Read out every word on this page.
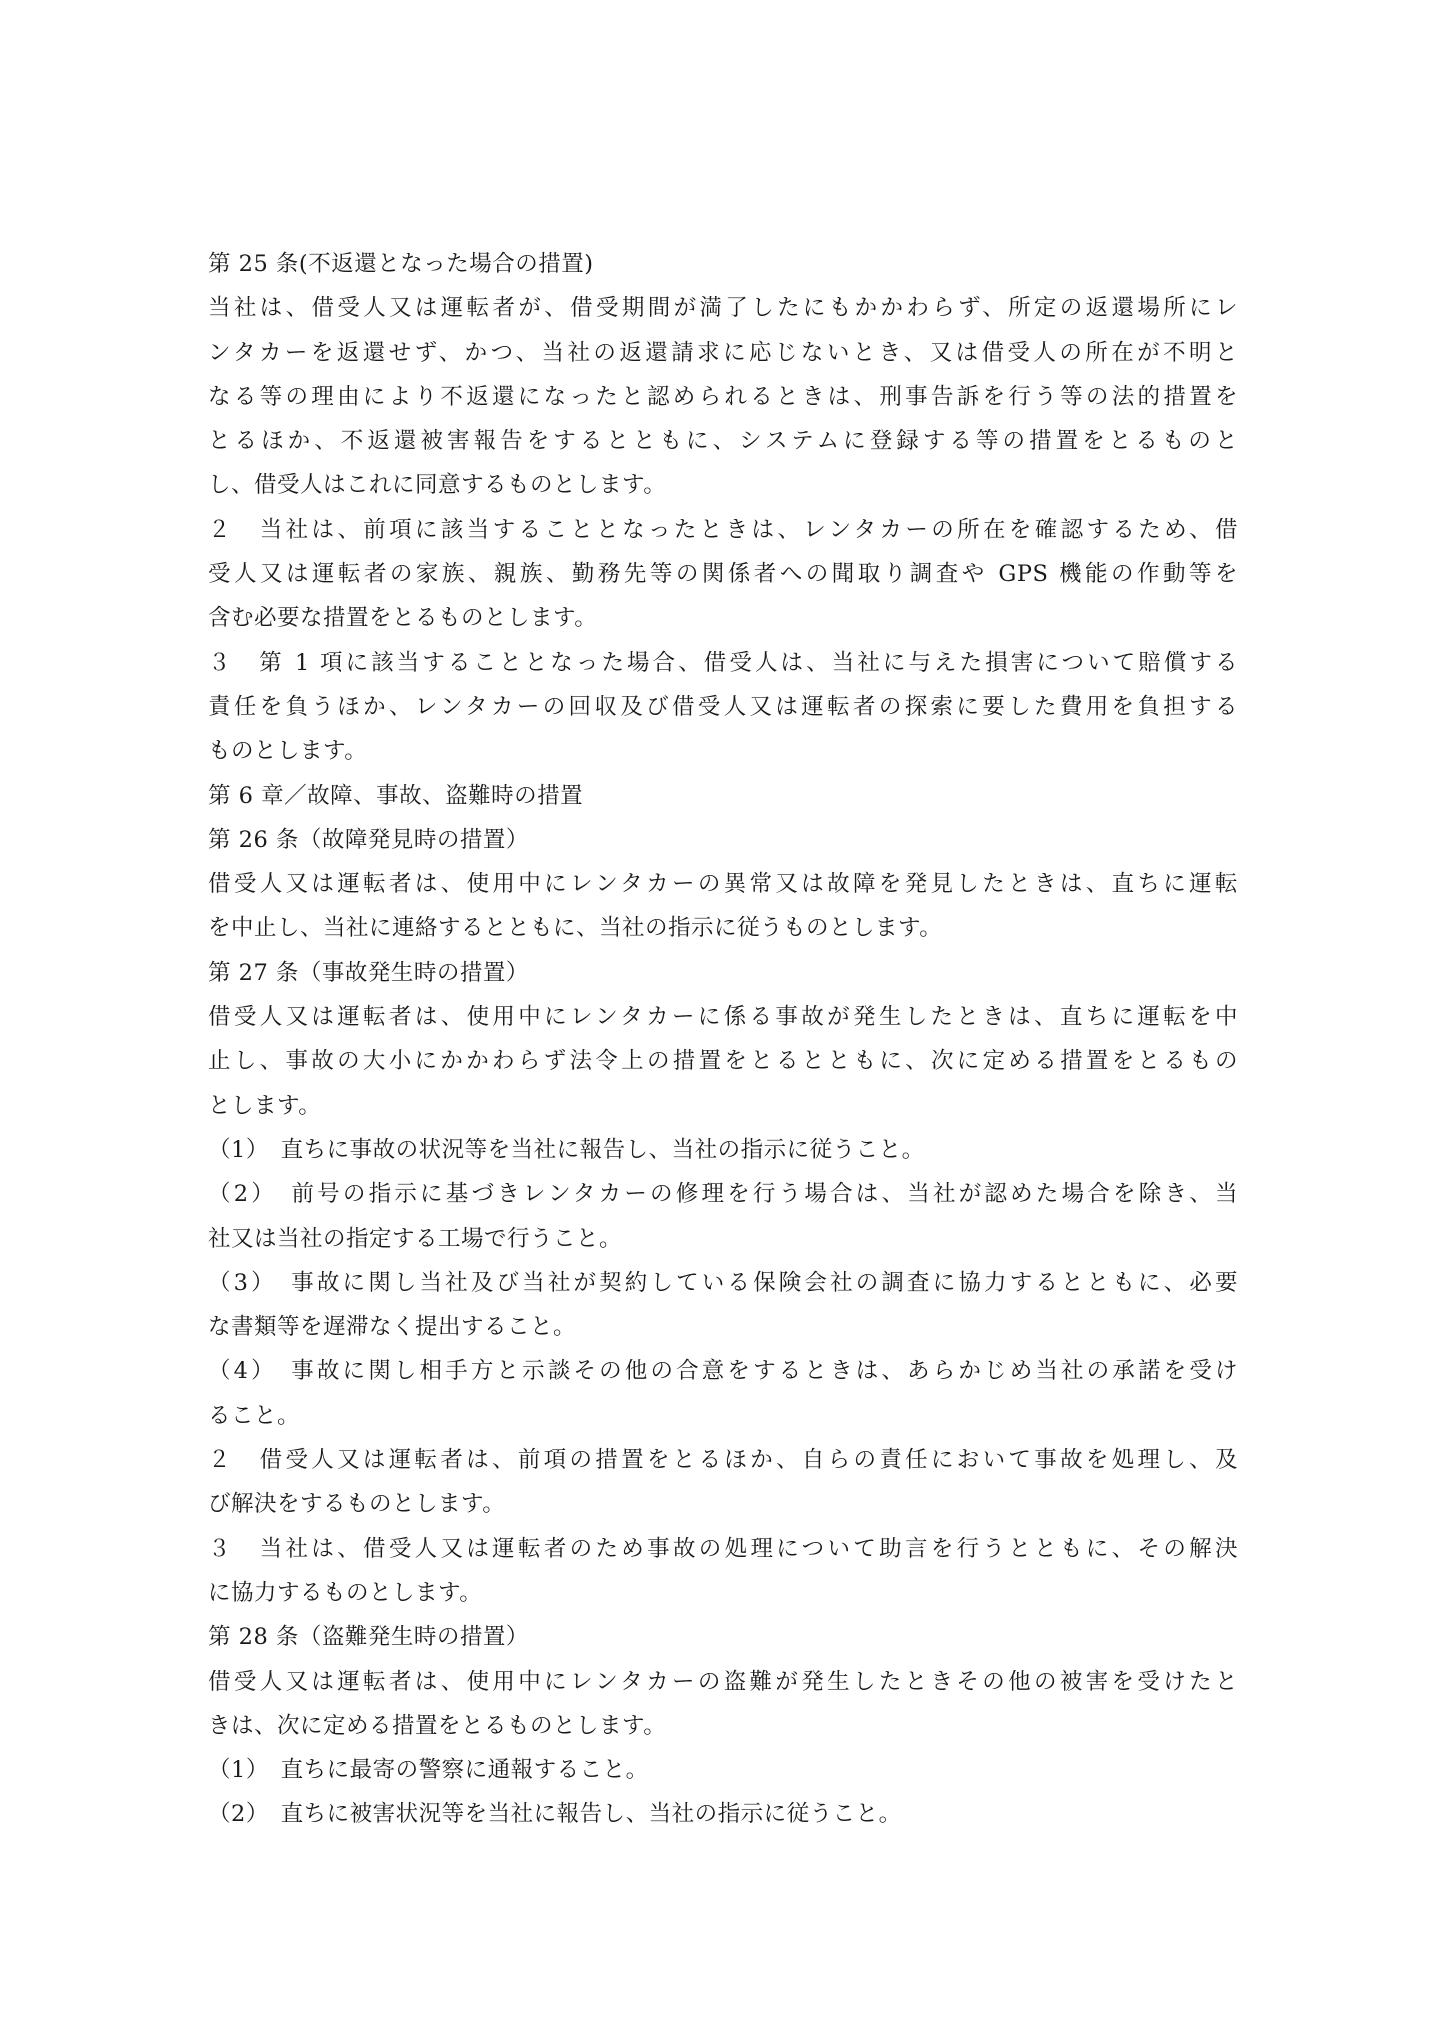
第 25 条(不返還となった場合の措置)
当社は、借受人又は運転者が、借受期間が満了したにもかかわらず、所定の返還場所にレ
ンタカーを返還せず、かつ、当社の返還請求に応じないとき、又は借受人の所在が不明と
なる等の理由により不返還になったと認められるときは、刑事告訴を行う等の法的措置を
とるほか、不返還被害報告をするとともに、システムに登録する等の措置をとるものと
し、借受人はこれに同意するものとします。
２　当社は、前項に該当することとなったときは、レンタカーの所在を確認するため、借
受人又は運転者の家族、親族、勤務先等の関係者への聞取り調査や GPS 機能の作動等を
含む必要な措置をとるものとします。
３　第 1 項に該当することとなった場合、借受人は、当社に与えた損害について賠償する
責任を負うほか、レンタカーの回収及び借受人又は運転者の探索に要した費用を負担する
ものとします。
第 6 章／故障、事故、盗難時の措置
第 26 条（故障発見時の措置）
借受人又は運転者は、使用中にレンタカーの異常又は故障を発見したときは、直ちに運転
を中止し、当社に連絡するとともに、当社の指示に従うものとします。
第 27 条（事故発生時の措置）
借受人又は運転者は、使用中にレンタカーに係る事故が発生したときは、直ちに運転を中
止し、事故の大小にかかわらず法令上の措置をとるとともに、次に定める措置をとるもの
とします。
（1）　直ちに事故の状況等を当社に報告し、当社の指示に従うこと。
（2）　前号の指示に基づきレンタカーの修理を行う場合は、当社が認めた場合を除き、当
社又は当社の指定する工場で行うこと。
（3）　事故に関し当社及び当社が契約している保険会社の調査に協力するとともに、必要
な書類等を遅滞なく提出すること。
（4）　事故に関し相手方と示談その他の合意をするときは、あらかじめ当社の承諾を受け
ること。
２　借受人又は運転者は、前項の措置をとるほか、自らの責任において事故を処理し、及
び解決をするものとします。
３　当社は、借受人又は運転者のため事故の処理について助言を行うとともに、その解決
に協力するものとします。
第 28 条（盗難発生時の措置）
借受人又は運転者は、使用中にレンタカーの盗難が発生したときその他の被害を受けたと
きは、次に定める措置をとるものとします。
（1）　直ちに最寄の警察に通報すること。
（2）　直ちに被害状況等を当社に報告し、当社の指示に従うこと。
